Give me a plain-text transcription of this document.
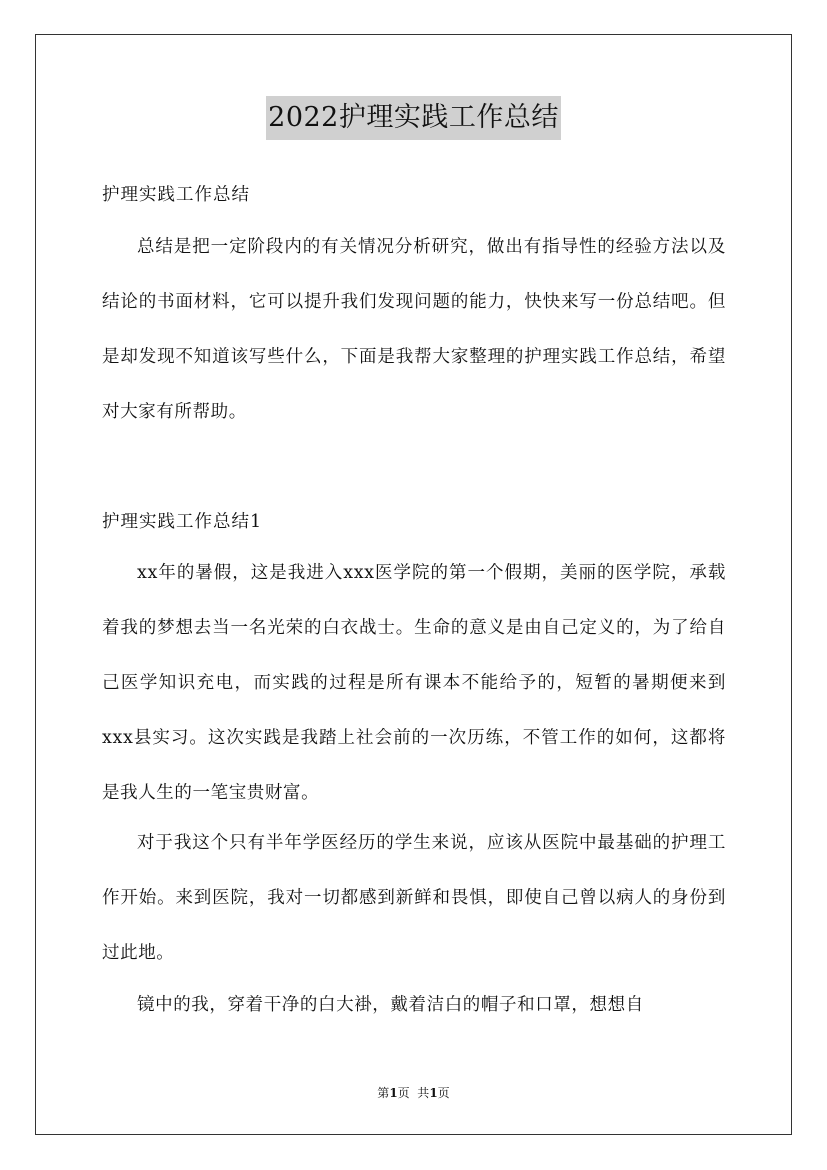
2022护理实践工作总结

护理实践工作总结

总结是把一定阶段内的有关情况分析研究，做出有指导性的经验方法以及结论的书面材料，它可以提升我们发现问题的能力，快快来写一份总结吧。但是却发现不知道该写些什么，下面是我帮大家整理的护理实践工作总结，希望对大家有所帮助。

护理实践工作总结1

xx年的暑假，这是我进入xxx医学院的第一个假期，美丽的医学院，承载着我的梦想去当一名光荣的白衣战士。生命的意义是由自己定义的，为了给自己医学知识充电，而实践的过程是所有课本不能给予的，短暂的暑期便来到xxx县实习。这次实践是我踏上社会前的一次历练，不管工作的如何，这都将是我人生的一笔宝贵财富。

对于我这个只有半年学医经历的学生来说，应该从医院中最基础的护理工作开始。来到医院，我对一切都感到新鲜和畏惧，即使自己曾以病人的身份到过此地。

镜中的我，穿着干净的白大褂，戴着洁白的帽子和口罩，想想自

第1页  共1页
